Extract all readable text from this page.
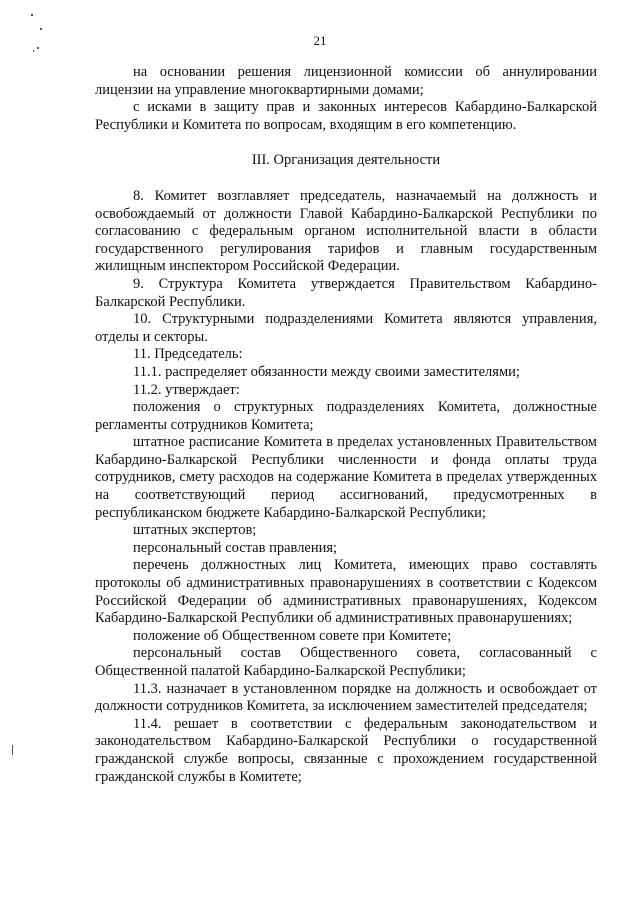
21

на основании решения лицензионной комиссии об аннулировании лицензии на управление многоквартирными домами;

с исками в защиту прав и законных интересов Кабардино-Балкарской Республики и Комитета по вопросам, входящим в его компетенцию.

III. Организация деятельности

8. Комитет возглавляет председатель, назначаемый на должность и освобождаемый от должности Главой Кабардино-Балкарской Республики по согласованию с федеральным органом исполнительной власти в области государственного регулирования тарифов и главным государственным жилищным инспектором Российской Федерации.

9. Структура Комитета утверждается Правительством Кабардино-Балкарской Республики.

10. Структурными подразделениями Комитета являются управления, отделы и секторы.

11. Председатель:

11.1. распределяет обязанности между своими заместителями;

11.2. утверждает:

положения о структурных подразделениях Комитета, должностные регламенты сотрудников Комитета;

штатное расписание Комитета в пределах установленных Правительством Кабардино-Балкарской Республики численности и фонда оплаты труда сотрудников, смету расходов на содержание Комитета в пределах утвержденных на соответствующий период ассигнований, предусмотренных в республиканском бюджете Кабардино-Балкарской Республики;

штатных экспертов;

персональный состав правления;

перечень должностных лиц Комитета, имеющих право составлять протоколы об административных правонарушениях в соответствии с Кодексом Российской Федерации об административных правонарушениях, Кодексом Кабардино-Балкарской Республики об административных правонарушениях;

положение об Общественном совете при Комитете;

персональный состав Общественного совета, согласованный с Общественной палатой Кабардино-Балкарской Республики;

11.3. назначает в установленном порядке на должность и освобождает от должности сотрудников Комитета, за исключением заместителей председателя;

11.4. решает в соответствии с федеральным законодательством и законодательством Кабардино-Балкарской Республики о государственной гражданской службе вопросы, связанные с прохождением государственной гражданской службы в Комитете;
